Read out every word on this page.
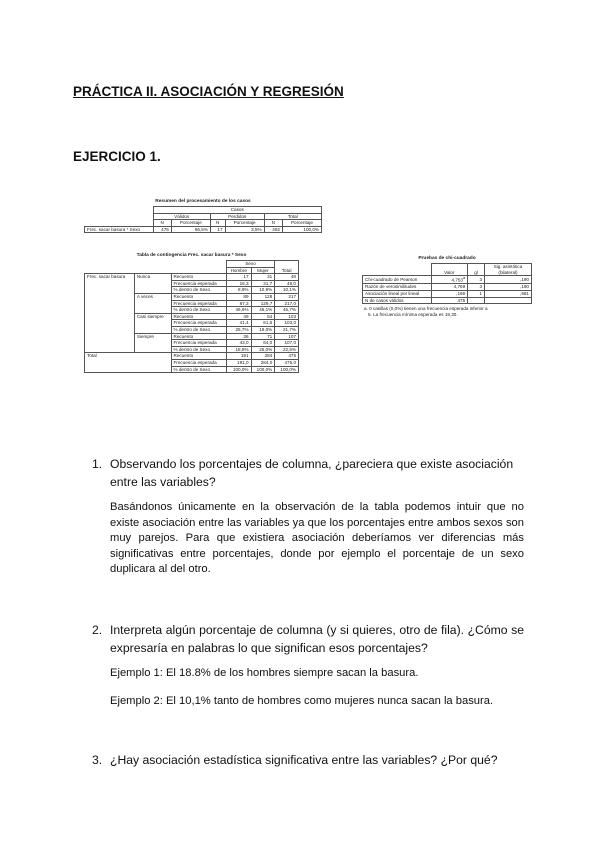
PRÁCTICA II. ASOCIACIÓN Y REGRESIÓN
EJERCICIO 1.
Resumen del procesamiento de los casos
	Casos					
	Válidos		Perdidos		Total	
	N	Porcentaje	N	Porcentaje	N	Porcentaje
Frec. sacar basura * Sexo	475	96,5%	17	3,5%	492	100,0%
Tabla de contingencia Frec. sacar basura * Sexo
			Sexo		Total
			Hombre	Mujer	
Frec. sacar basura	Nunca	Recuento	17	31	48
		Frecuencia esperada	16,3	31,7	48,0
		% dentro de Sexo	8,9%	10,9%	10,1%
	A veces	Recuento	89	128	217
		Frecuencia esperada	87,3	129,7	217,0
		% dentro de Sexo	46,6%	45,1%	45,7%
	Casi siempre	Recuento	49	54	103
		Frecuencia esperada	41,4	61,6	103,0
		% dentro de Sexo	25,7%	19,0%	21,7%
	Siempre	Recuento	36	71	107
		Frecuencia esperada	43,0	64,0	107,0
		% dentro de Sexo	18,8%	25,0%	22,5%
Total		Recuento	191	284	475
		Frecuencia esperada	191,0	284,0	475,0
		% dentro de Sexo	100,0%	100,0%	100,0%
Pruebas de chi-cuadrado
	Valor	gl	Sig. asintótica (bilateral)
Chi-cuadrado de Pearson	4,753$^a$	3	,190
Razón de verosimilitudes	4,769	3	,190
Asociación lineal por lineal	,169	1	,681
N de casos válidos	475		
a. 0 casillas (0,0%) tienen una frecuencia esperada inferior a
5. La frecuencia mínima esperada es 19,30.
1. Observando los porcentajes de columna, ¿pareciera que existe asociación entre las variables?

Basándonos únicamente en la observación de la tabla podemos intuir que no existe asociación entre las variables ya que los porcentajes entre ambos sexos son muy parejos. Para que existiera asociación deberíamos ver diferencias más significativas entre porcentajes, donde por ejemplo el porcentaje de un sexo duplicara al del otro.

2. Interpreta algún porcentaje de columna (y si quieres, otro de fila). ¿Cómo se expresaría en palabras lo que significan esos porcentajes?

Ejemplo 1: El 18.8% de los hombres siempre sacan la basura.

Ejemplo 2: El 10,1% tanto de hombres como mujeres nunca sacan la basura.

3. ¿Hay asociación estadística significativa entre las variables? ¿Por qué?
